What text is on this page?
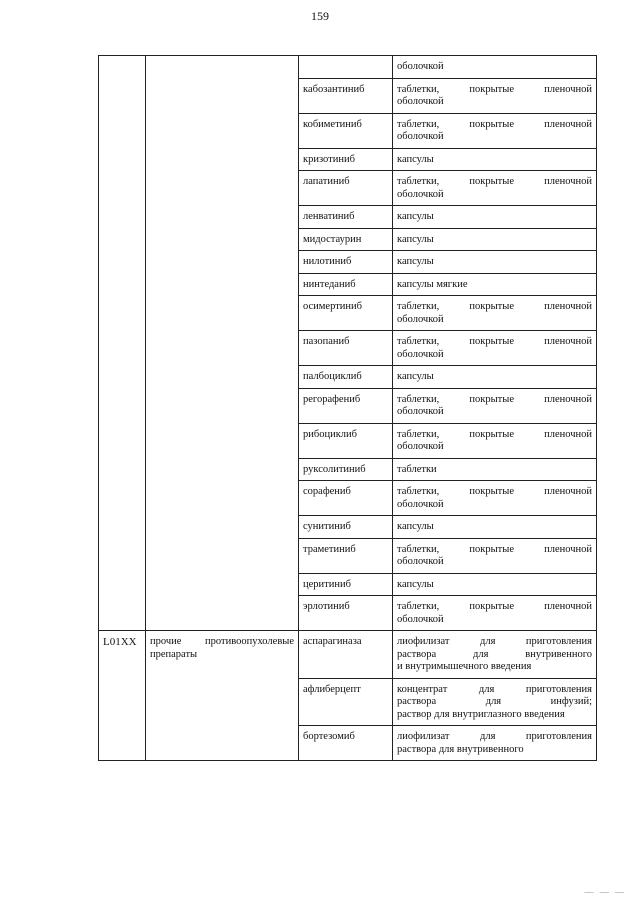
159

			оболочкой

		кабозантиниб	таблетки, покрытые пленочной
оболочкой

		кобиметиниб	таблетки, покрытые пленочной
оболочкой

		кризотиниб	капсулы

		лапатиниб	таблетки, покрытые пленочной
оболочкой

		ленватиниб	капсулы

		мидостаурин	капсулы

		нилотиниб	капсулы

		нинтеданиб	капсулы мягкие

		осимертиниб	таблетки, покрытые пленочной
оболочкой

		пазопаниб	таблетки, покрытые пленочной
оболочкой

		палбоциклиб	капсулы

		регорафениб	таблетки, покрытые пленочной
оболочкой

		рибоциклиб	таблетки, покрытые пленочной
оболочкой

		руксолитиниб	таблетки

		сорафениб	таблетки, покрытые пленочной
оболочкой

		сунитиниб	капсулы

		траметиниб	таблетки, покрытые пленочной
оболочкой

		церитиниб	капсулы

		эрлотиниб	таблетки, покрытые пленочной
оболочкой

L01XX	прочие противоопухолевые препараты	аспарагиназа	лиофилизат для приготовления
раствора для внутривенного
и внутримышечного введения

		афлиберцепт	концентрат для приготовления
раствора для инфузий;
раствор для внутриглазного введения

		бортезомиб	лиофилизат для приготовления
раствора для внутривенного
— — —
